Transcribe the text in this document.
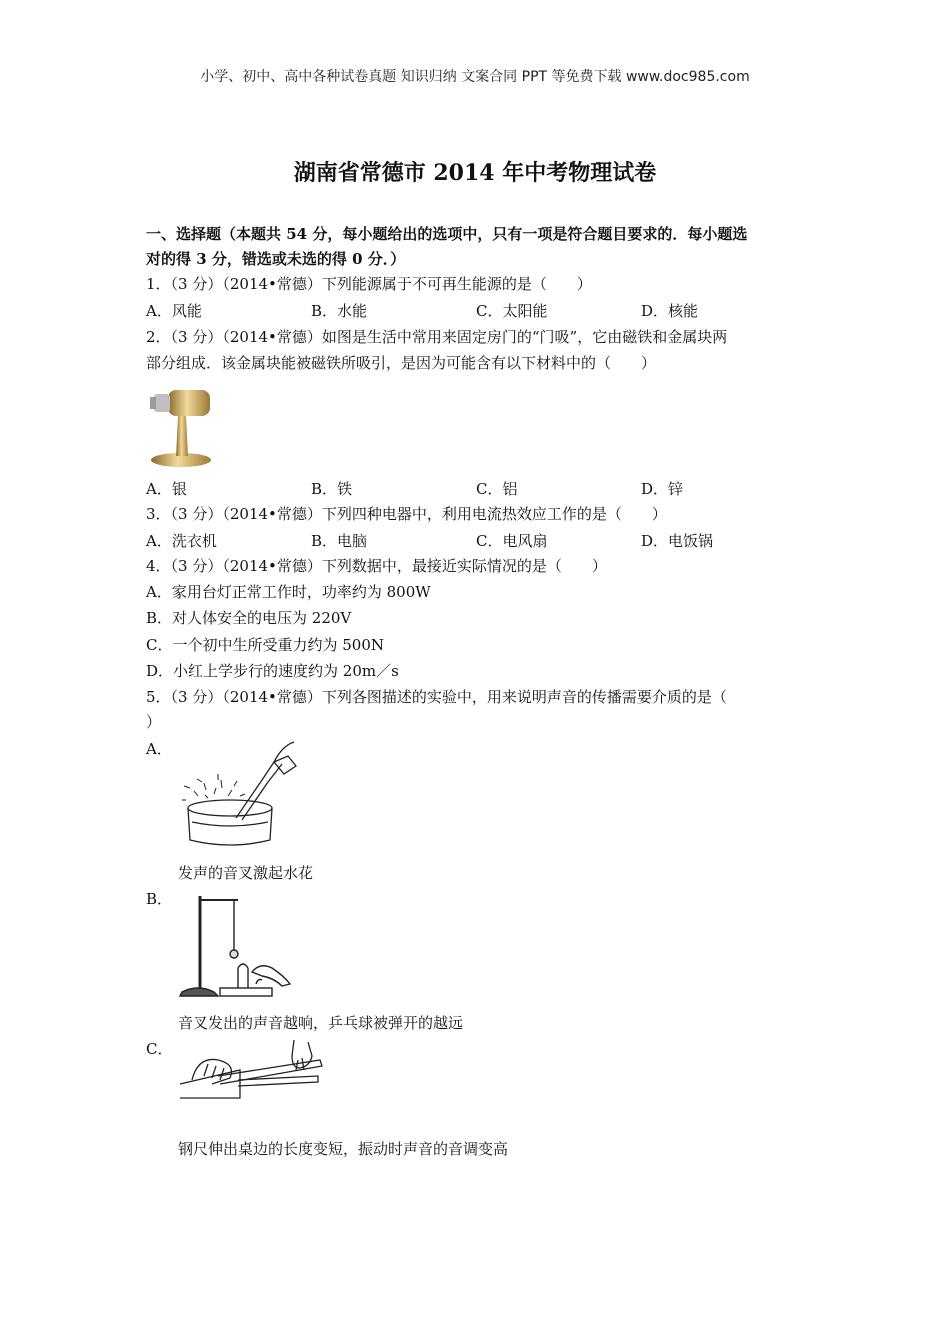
小学、初中、高中各种试卷真题 知识归纳 文案合同 PPT 等免费下载 www.doc985.com
湖南省常德市 2014 年中考物理试卷
一、选择题（本题共 54 分，每小题给出的选项中，只有一项是符合题目要求的．每小题选
对的得 3 分，错选或未选的得 0 分．）
1．（3 分）（2014•常德）下列能源属于不可再生能源的是（　　）
A．风能	B．水能	C．太阳能	D．核能
2．（3 分）（2014•常德）如图是生活中常用来固定房门的“门吸”，它由磁铁和金属块两
部分组成．该金属块能被磁铁所吸引，是因为可能含有以下材料中的（　　）
A．银	B．铁	C．铝	D．锌
3．（3 分）（2014•常德）下列四种电器中，利用电流热效应工作的是（　　）
A．洗衣机	B．电脑	C．电风扇	D．电饭锅
4．（3 分）（2014•常德）下列数据中，最接近实际情况的是（　　）
A．家用台灯正常工作时，功率约为 800W
B．对人体安全的电压为 220V
C．一个初中生所受重力约为 500N
D．小红上学步行的速度约为 20m／s
5．（3 分）（2014•常德）下列各图描述的实验中，用来说明声音的传播需要介质的是（
）
A．
发声的音叉激起水花
B．
音叉发出的声音越响，乒乓球被弹开的越远
C．
钢尺伸出桌边的长度变短，振动时声音的音调变高
